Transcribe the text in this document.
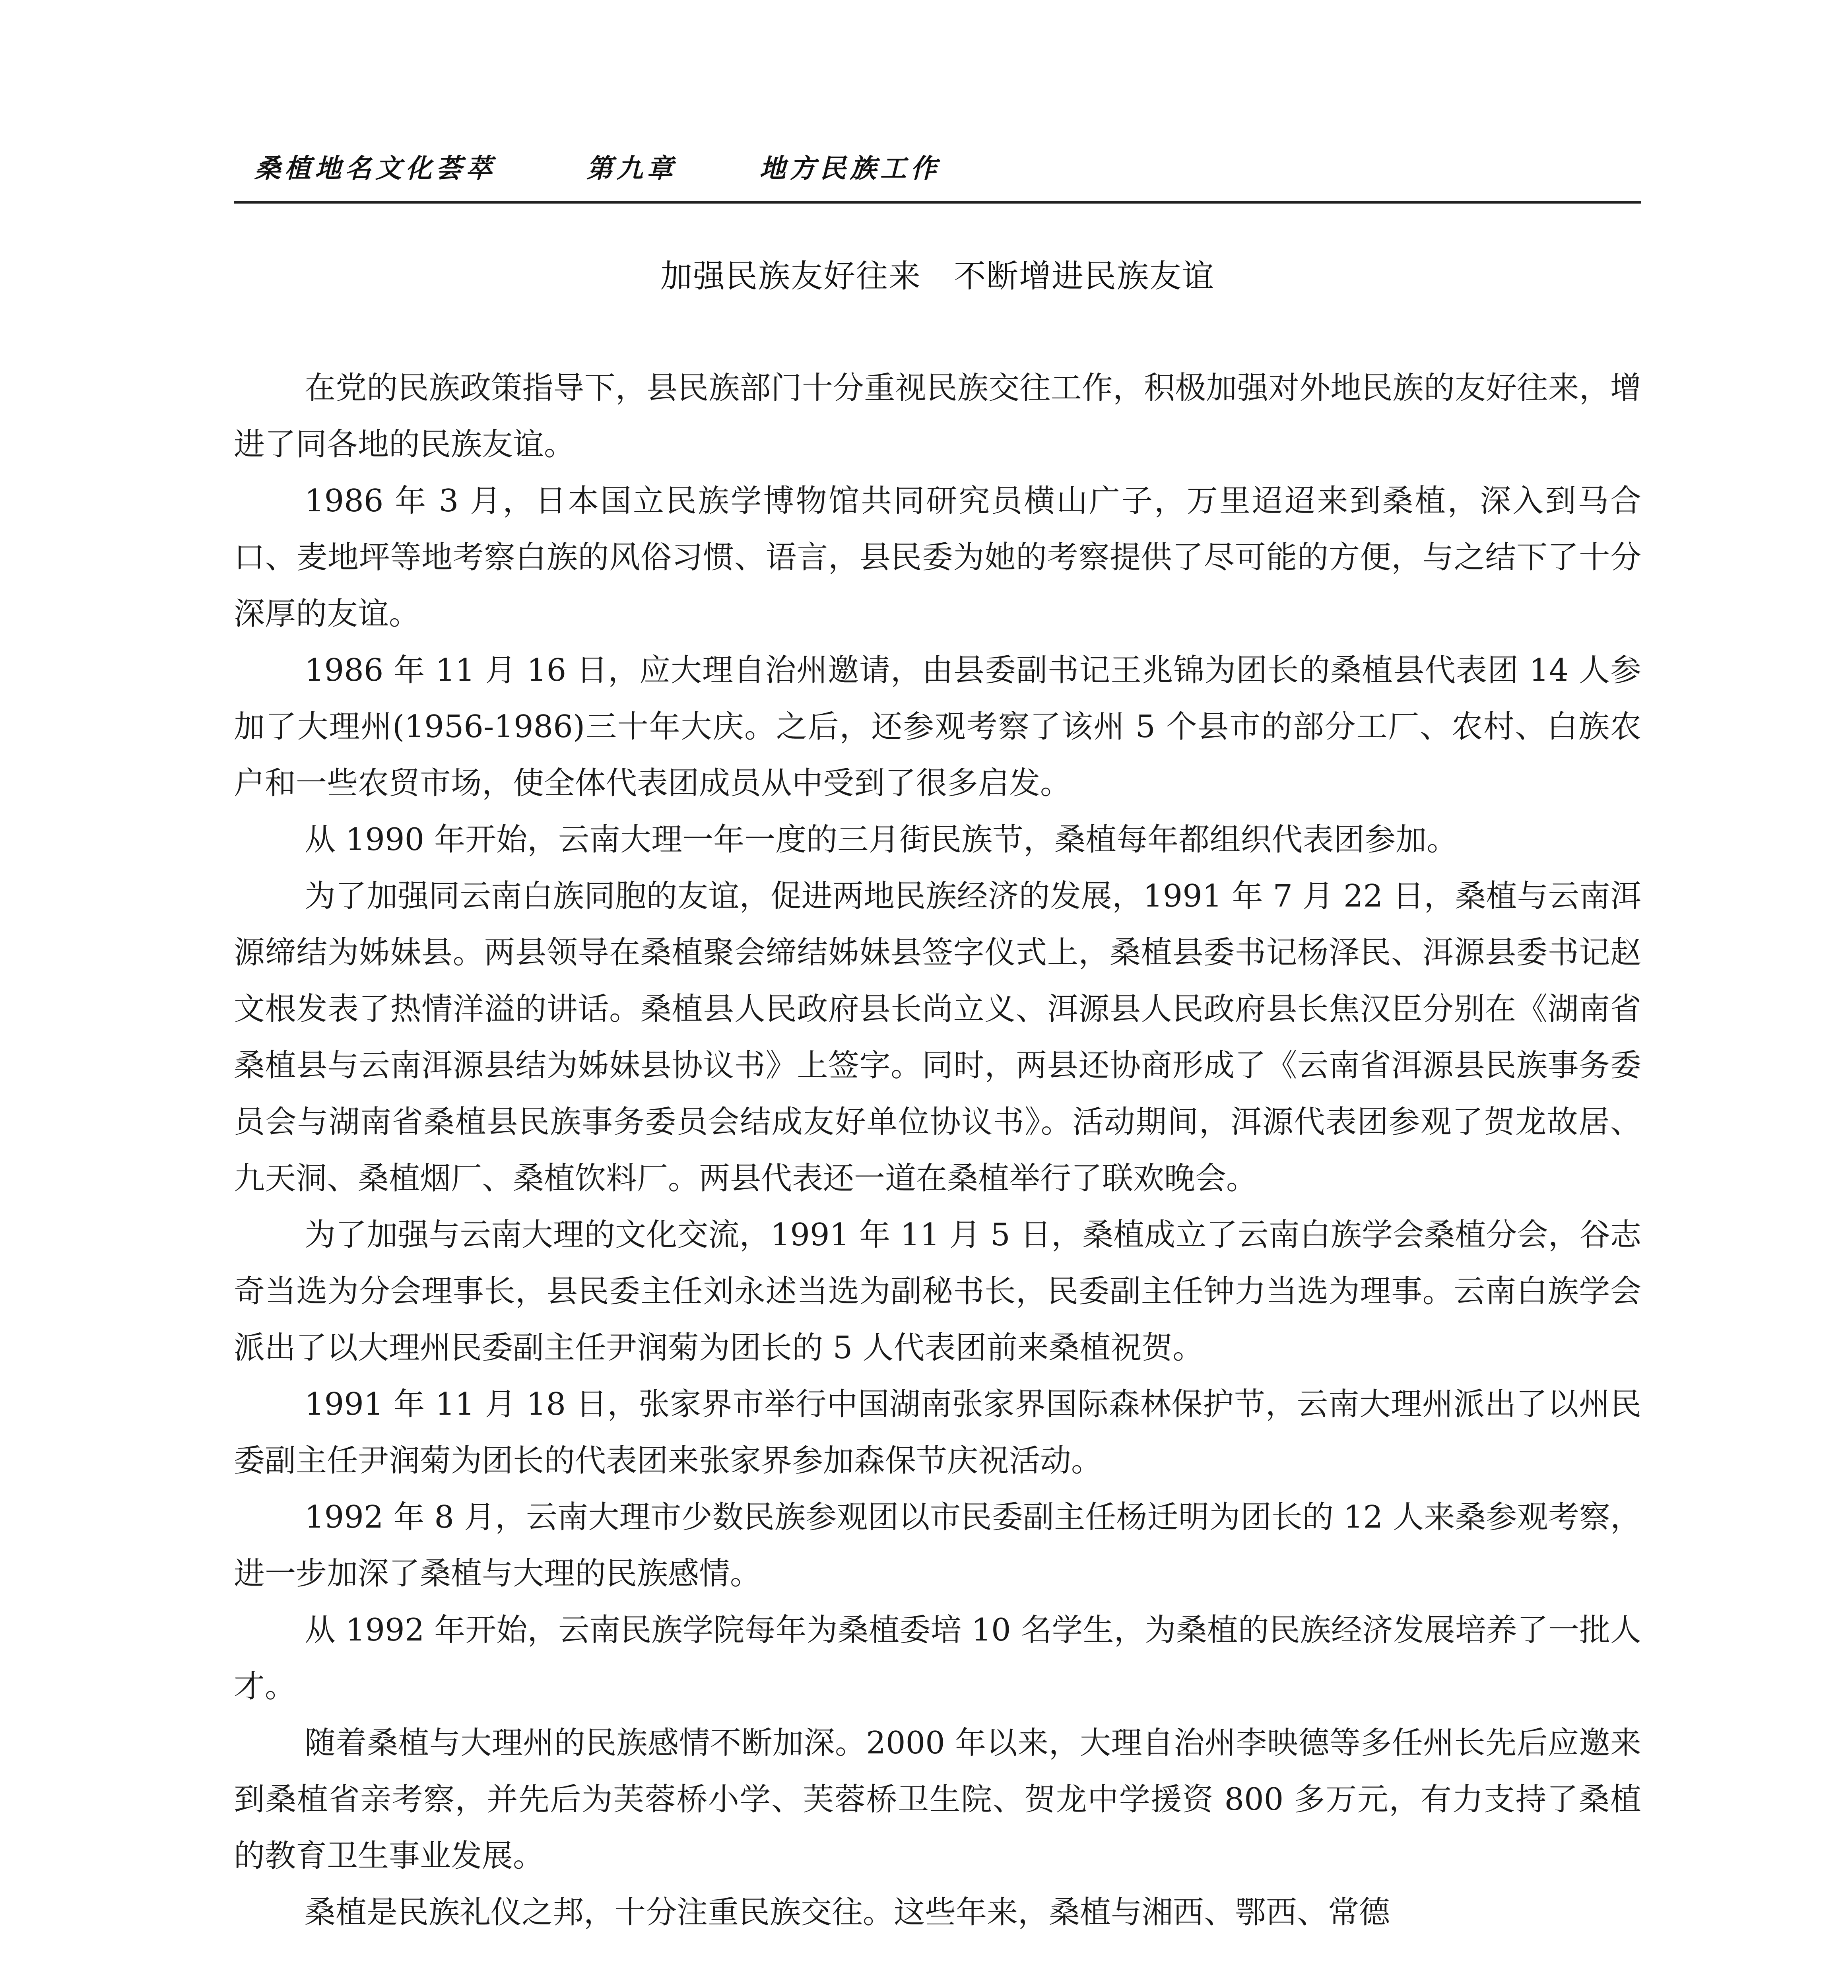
桑植地名文化荟萃	第九章	地方民族工作
加强民族友好往来　不断增进民族友谊

在党的民族政策指导下，县民族部门十分重视民族交往工作，积极加强对外地民族的友好往来，增进了同各地的民族友谊。

1986 年 3 月，日本国立民族学博物馆共同研究员横山广子，万里迢迢来到桑植，深入到马合口、麦地坪等地考察白族的风俗习惯、语言，县民委为她的考察提供了尽可能的方便，与之结下了十分深厚的友谊。

1986 年 11 月 16 日，应大理自治州邀请，由县委副书记王兆锦为团长的桑植县代表团 14 人参加了大理州(1956-1986)三十年大庆。之后，还参观考察了该州 5 个县市的部分工厂、农村、白族农户和一些农贸市场，使全体代表团成员从中受到了很多启发。

从 1990 年开始，云南大理一年一度的三月街民族节，桑植每年都组织代表团参加。

为了加强同云南白族同胞的友谊，促进两地民族经济的发展，1991 年 7 月 22 日，桑植与云南洱源缔结为姊妹县。两县领导在桑植聚会缔结姊妹县签字仪式上，桑植县委书记杨泽民、洱源县委书记赵文根发表了热情洋溢的讲话。桑植县人民政府县长尚立义、洱源县人民政府县长焦汉臣分别在《湖南省桑植县与云南洱源县结为姊妹县协议书》上签字。同时，两县还协商形成了《云南省洱源县民族事务委员会与湖南省桑植县民族事务委员会结成友好单位协议书》。活动期间，洱源代表团参观了贺龙故居、九天洞、桑植烟厂、桑植饮料厂。两县代表还一道在桑植举行了联欢晚会。

为了加强与云南大理的文化交流，1991 年 11 月 5 日，桑植成立了云南白族学会桑植分会，谷志奇当选为分会理事长，县民委主任刘永述当选为副秘书长，民委副主任钟力当选为理事。云南白族学会派出了以大理州民委副主任尹润菊为团长的 5 人代表团前来桑植祝贺。

1991 年 11 月 18 日，张家界市举行中国湖南张家界国际森林保护节，云南大理州派出了以州民委副主任尹润菊为团长的代表团来张家界参加森保节庆祝活动。

1992 年 8 月，云南大理市少数民族参观团以市民委副主任杨迁明为团长的 12 人来桑参观考察，进一步加深了桑植与大理的民族感情。

从 1992 年开始，云南民族学院每年为桑植委培 10 名学生，为桑植的民族经济发展培养了一批人才。

随着桑植与大理州的民族感情不断加深。2000 年以来，大理自治州李映德等多任州长先后应邀来到桑植省亲考察，并先后为芙蓉桥小学、芙蓉桥卫生院、贺龙中学援资 800 多万元，有力支持了桑植的教育卫生事业发展。

桑植是民族礼仪之邦，十分注重民族交往。这些年来，桑植与湘西、鄂西、常德
